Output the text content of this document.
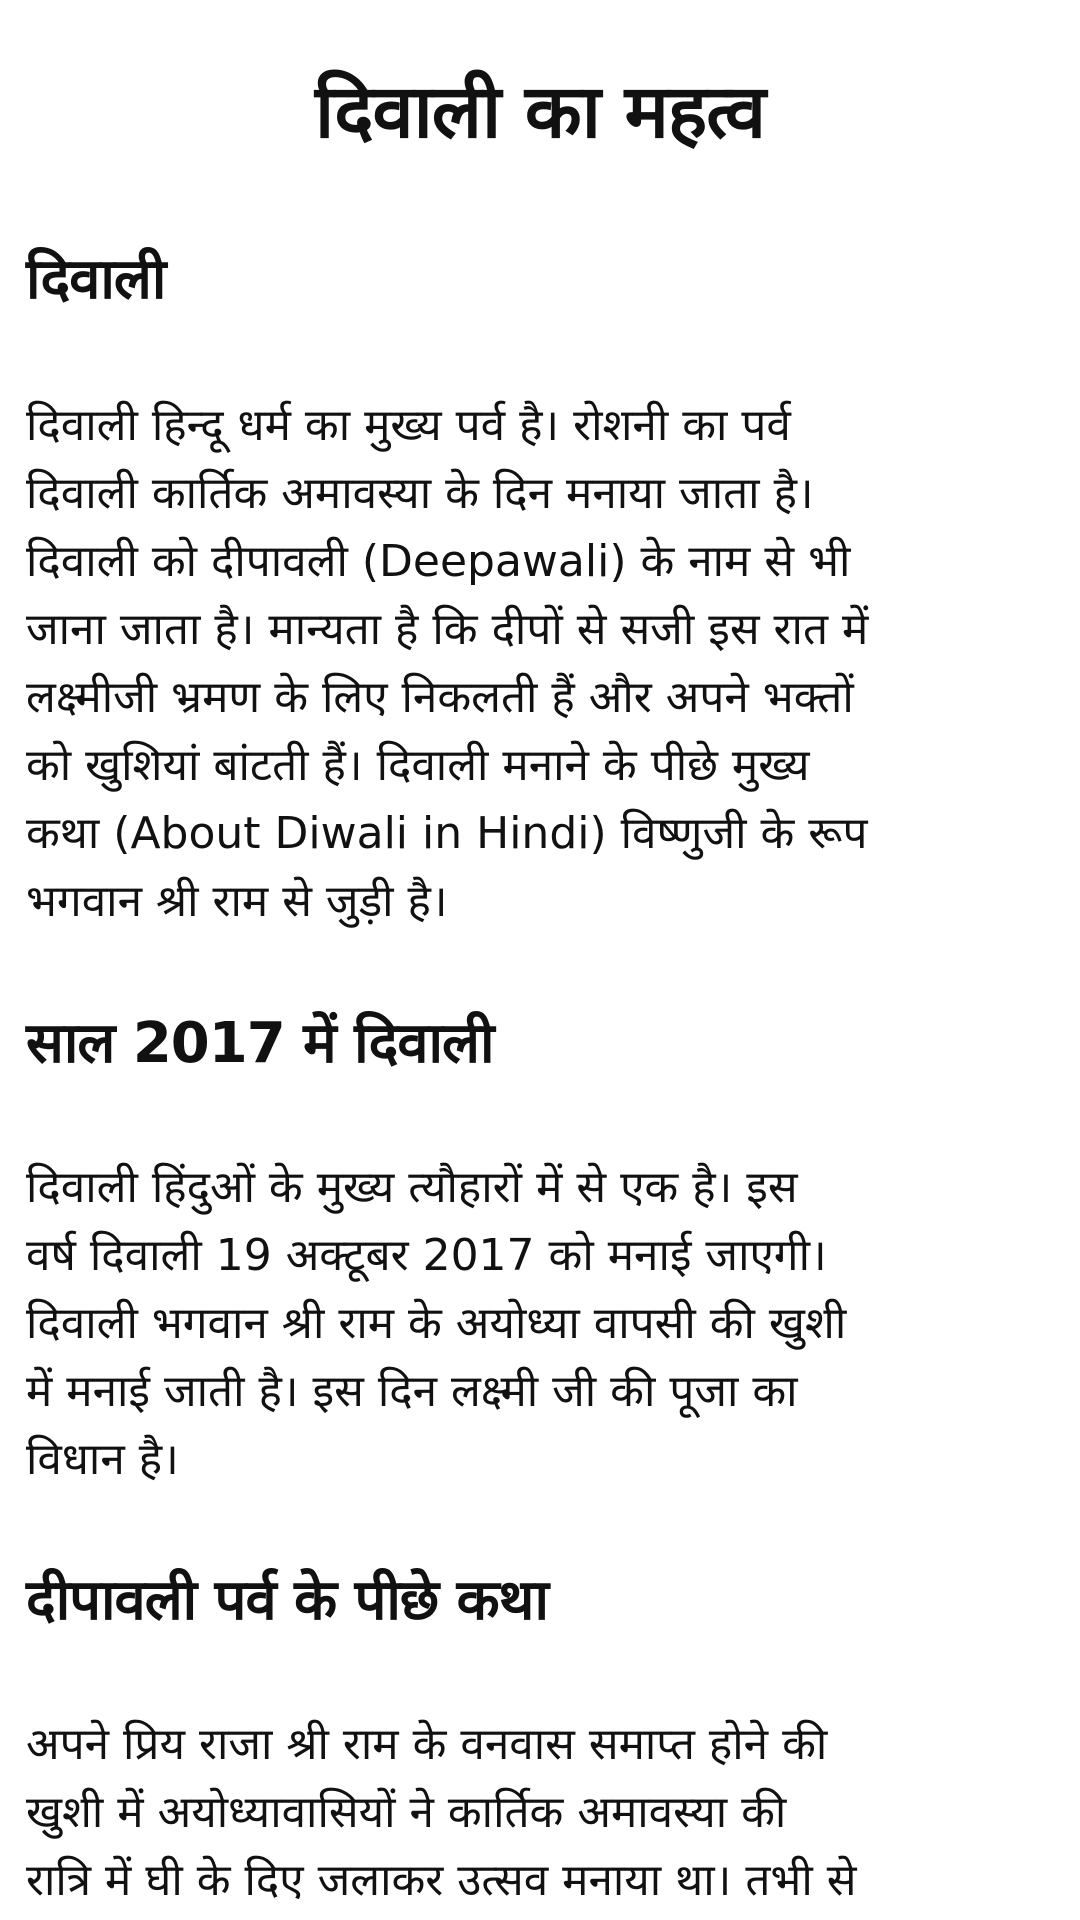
दिवाली का महत्व
दिवाली
दिवाली हिन्दू धर्म का मुख्य पर्व है। रोशनी का पर्व
दिवाली कार्तिक अमावस्या के दिन मनाया जाता है।
दिवाली को दीपावली (Deepawali) के नाम से भी
जाना जाता है। मान्यता है कि दीपों से सजी इस रात में
लक्ष्मीजी भ्रमण के लिए निकलती हैं और अपने भक्तों
को खुशियां बांटती हैं। दिवाली मनाने के पीछे मुख्य
कथा (About Diwali in Hindi) विष्णुजी के रूप
भगवान श्री राम से जुड़ी है।
साल 2017 में दिवाली
दिवाली हिंदुओं के मुख्य त्यौहारों में से एक है। इस
वर्ष दिवाली 19 अक्टूबर 2017 को मनाई जाएगी।
दिवाली भगवान श्री राम के अयोध्या वापसी की खुशी
में मनाई जाती है। इस दिन लक्ष्मी जी की पूजा का
विधान है।
दीपावली पर्व के पीछे कथा
अपने प्रिय राजा श्री राम के वनवास समाप्त होने की
खुशी में अयोध्यावासियों ने कार्तिक अमावस्या की
रात्रि में घी के दिए जलाकर उत्सव मनाया था। तभी से
